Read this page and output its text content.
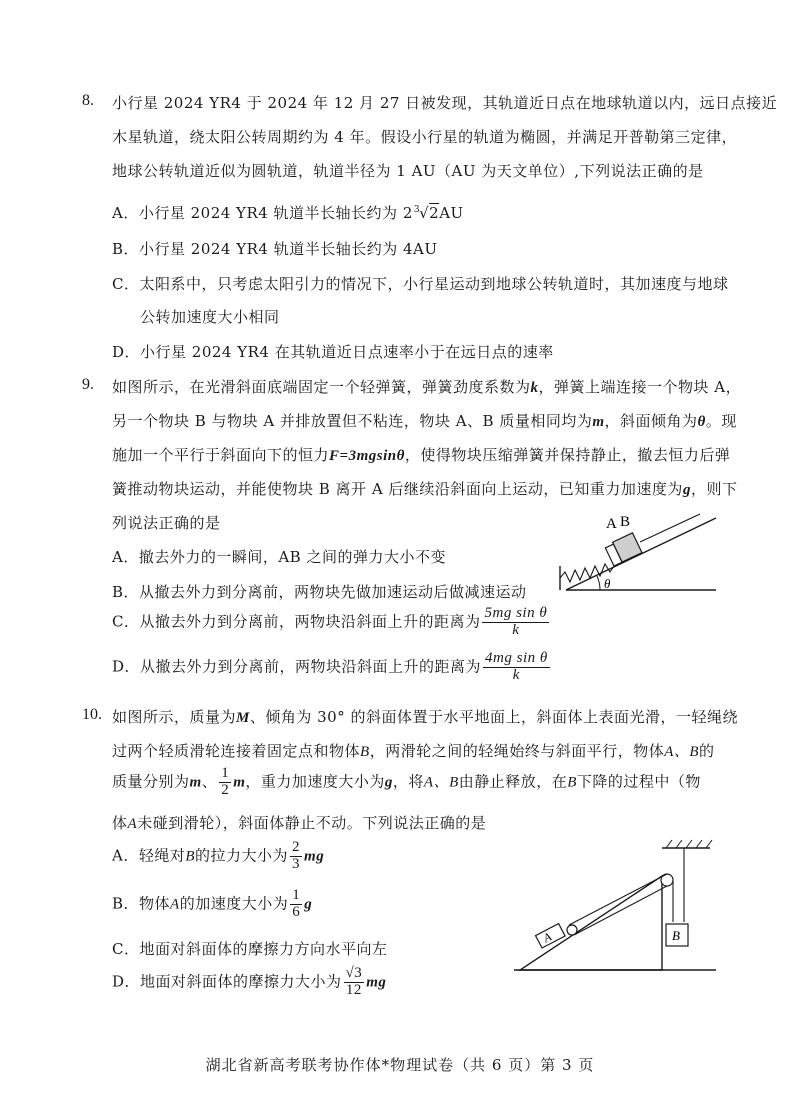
8. 小行星 2024 YR4 于 2024 年 12 月 27 日被发现，其轨道近日点在地球轨道以内，远日点接近
木星轨道，绕太阳公转周期约为 4 年。假设小行星的轨道为椭圆，并满足开普勒第三定律，
地球公转轨道近似为圆轨道，轨道半径为 1 AU（AU 为天文单位）,下列说法正确的是
A．小行星 2024 YR4 轨道半长轴长约为 $2^3√2AU$
B．小行星 2024 YR4 轨道半长轴长约为 4AU
C．太阳系中，只考虑太阳引力的情况下，小行星运动到地球公转轨道时，其加速度与地球
公转加速度大小相同
D．小行星 2024 YR4 在其轨道近日点速率小于在远日点的速率
9. 如图所示，在光滑斜面底端固定一个轻弹簧，弹簧劲度系数为k，弹簧上端连接一个物块 A，
另一个物块 B 与物块 A 并排放置但不粘连，物块 A、B 质量相同均为m，斜面倾角为θ。现
施加一个平行于斜面向下的恒力F=3mgsinθ，使得物块压缩弹簧并保持静止，撤去恒力后弹
簧推动物块运动，并能使物块 B 离开 A 后继续沿斜面向上运动，已知重力加速度为g，则下
列说法正确的是
A．撤去外力的一瞬间，AB 之间的弹力大小不变
B．从撤去外力到分离前，两物块先做加速运动后做减速运动
C．从撤去外力到分离前，两物块沿斜面上升的距离为 $\frac{\text{5mg sin θ}}{k}$
D．从撤去外力到分离前，两物块沿斜面上升的距离为 $\frac{\text{4mg sin θ}}{k}$
A B
θ
10. 如图所示，质量为M、倾角为 30° 的斜面体置于水平地面上，斜面体上表面光滑，一轻绳绕
过两个轻质滑轮连接着固定点和物体B，两滑轮之间的轻绳始终与斜面平行，物体A、B的
质量分别为m、 $\frac{1}{2}$ m，重力加速度大小为g，将A、B由静止释放，在B下降的过程中（物
体A未碰到滑轮），斜面体静止不动。下列说法正确的是
A．轻绳对B的拉力大小为 $\frac{2}{3}$ mg
B．物体A的加速度大小为 $\frac{1}{6}$ g
C．地面对斜面体的摩擦力方向水平向左
D．地面对斜面体的摩擦力大小为 $\frac{√3}{12}$ mg
A	B
湖北省新高考联考协作体*物理试卷（共 6 页）第 3 页
